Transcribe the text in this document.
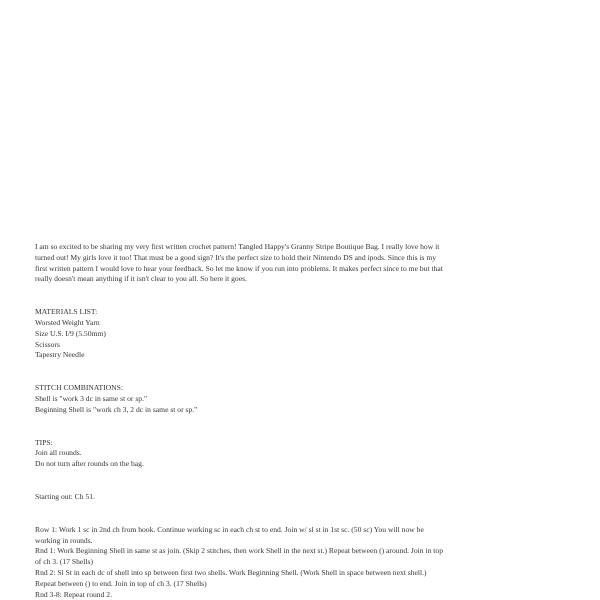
I am so excited to be sharing my very first written crochet pattern! Tangled Happy's Granny Stripe Boutique Bag. I really love how it turned out! My girls love it too! That must be a good sign? It's the perfect size to hold their Nintendo DS and ipods. Since this is my first written pattern I would love to hear your feedback. So let me know if you run into problems. It makes perfect since to me but that really doesn't mean anything if it isn't clear to you all. So here it goes.

MATERIALS LIST:
Worsted Weight Yarn
Size U.S. I/9 (5.50mm)
Scissors
Tapestry Needle
STITCH COMBINATIONS:
Shell is "work 3 dc in same st or sp."
Beginning Shell is "work ch 3, 2 dc in same st or sp."
TIPS:
Join all rounds.
Do not turn after rounds on the bag.

Starting out: Ch 51.

Row 1: Work 1 sc in 2nd ch from hook. Continue working sc in each ch st to end. Join w/ sl st in 1st sc. (50 sc) You will now be working in rounds.

Rnd 1: Work Beginning Shell in same st as join. (Skip 2 stitches, then work Shell in the next st.) Repeat between () around. Join in top of ch 3. (17 Shells)

Rnd 2: Sl St in each dc of shell into sp between first two shells. Work Beginning Shell. (Work Shell in space between next shell.) Repeat between () to end. Join in top of ch 3. (17 Shells)

Rnd 3-8: Repeat round 2.
